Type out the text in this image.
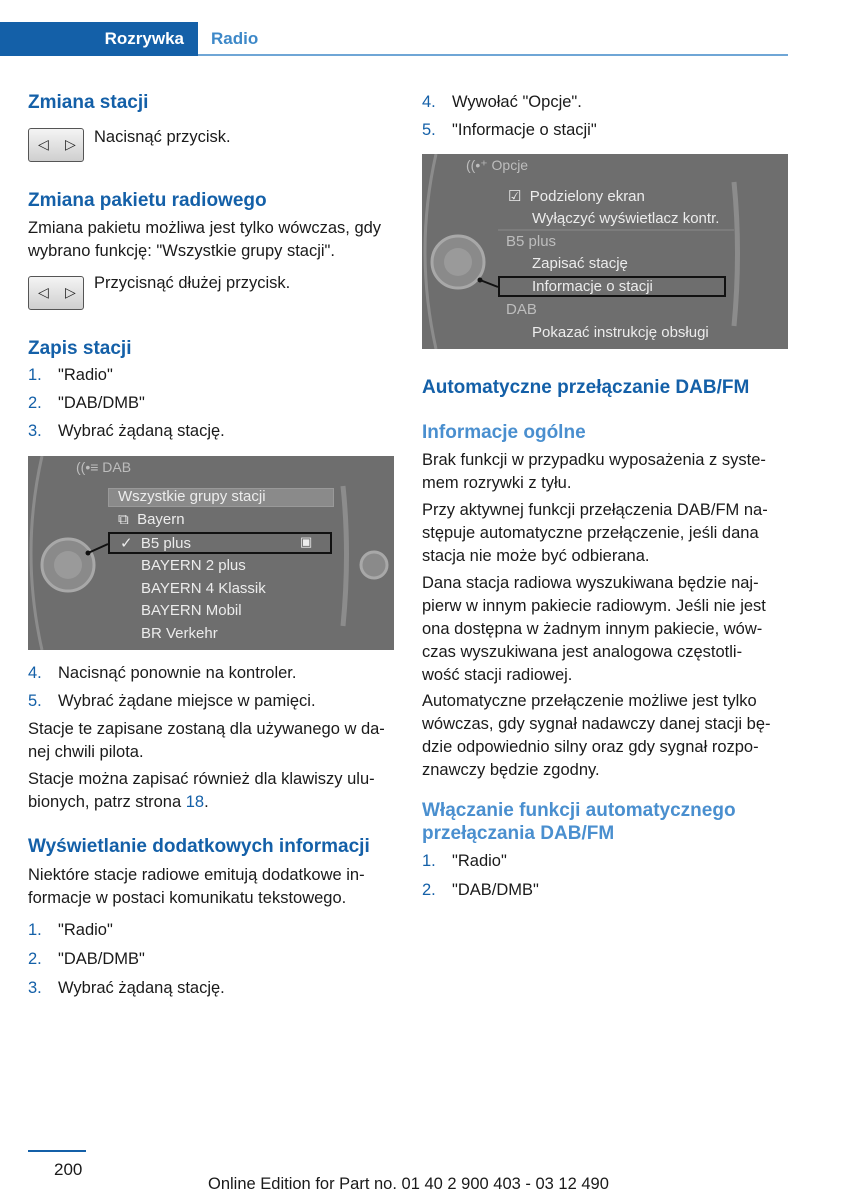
Rozrywka Radio
Zmiana stacji
◁ ▷ Nacisnąć przycisk.
Zmiana pakietu radiowego
Zmiana pakietu możliwa jest tylko wówczas, gdy
wybrano funkcję: "Wszystkie grupy stacji".
◁ ▷ Przycisnąć dłużej przycisk.
Zapis stacji
1. "Radio"
2. "DAB/DMB"
3. Wybrać żądaną stację.
((•≡ DAB
Wszystkie grupy stacji
⧉ Bayern
✓ B5 plus	▣
BAYERN 2 plus
BAYERN 4 Klassik
BAYERN Mobil
BR Verkehr
4. Nacisnąć ponownie na kontroler.
5. Wybrać żądane miejsce w pamięci.
Stacje te zapisane zostaną dla używanego w da-
nej chwili pilota.
Stacje można zapisać również dla klawiszy ulu-
bionych, patrz strona 18.
Wyświetlanie dodatkowych informacji
Niektóre stacje radiowe emitują dodatkowe in-
formacje w postaci komunikatu tekstowego.
1. "Radio"
2. "DAB/DMB"
3. Wybrać żądaną stację.
4. Wywołać "Opcje".
5. "Informacje o stacji"
((•⁺ Opcje
☑ Podzielony ekran
Wyłączyć wyświetlacz kontr.
B5 plus
Zapisać stację
Informacje o stacji
DAB
Pokazać instrukcję obsługi
Automatyczne przełączanie DAB/FM
Informacje ogólne
Brak funkcji w przypadku wyposażenia z syste-
mem rozrywki z tyłu.
Przy aktywnej funkcji przełączenia DAB/FM na-
stępuje automatyczne przełączenie, jeśli dana
stacja nie może być odbierana.
Dana stacja radiowa wyszukiwana będzie naj-
pierw w innym pakiecie radiowym. Jeśli nie jest
ona dostępna w żadnym innym pakiecie, wów-
czas wyszukiwana jest analogowa częstotli-
wość stacji radiowej.
Automatyczne przełączenie możliwe jest tylko
wówczas, gdy sygnał nadawczy danej stacji bę-
dzie odpowiednio silny oraz gdy sygnał rozpo-
znawczy będzie zgodny.
Włączanie funkcji automatycznego
przełączania DAB/FM
1. "Radio"
2. "DAB/DMB"
200
Online Edition for Part no. 01 40 2 900 403 - 03 12 490
